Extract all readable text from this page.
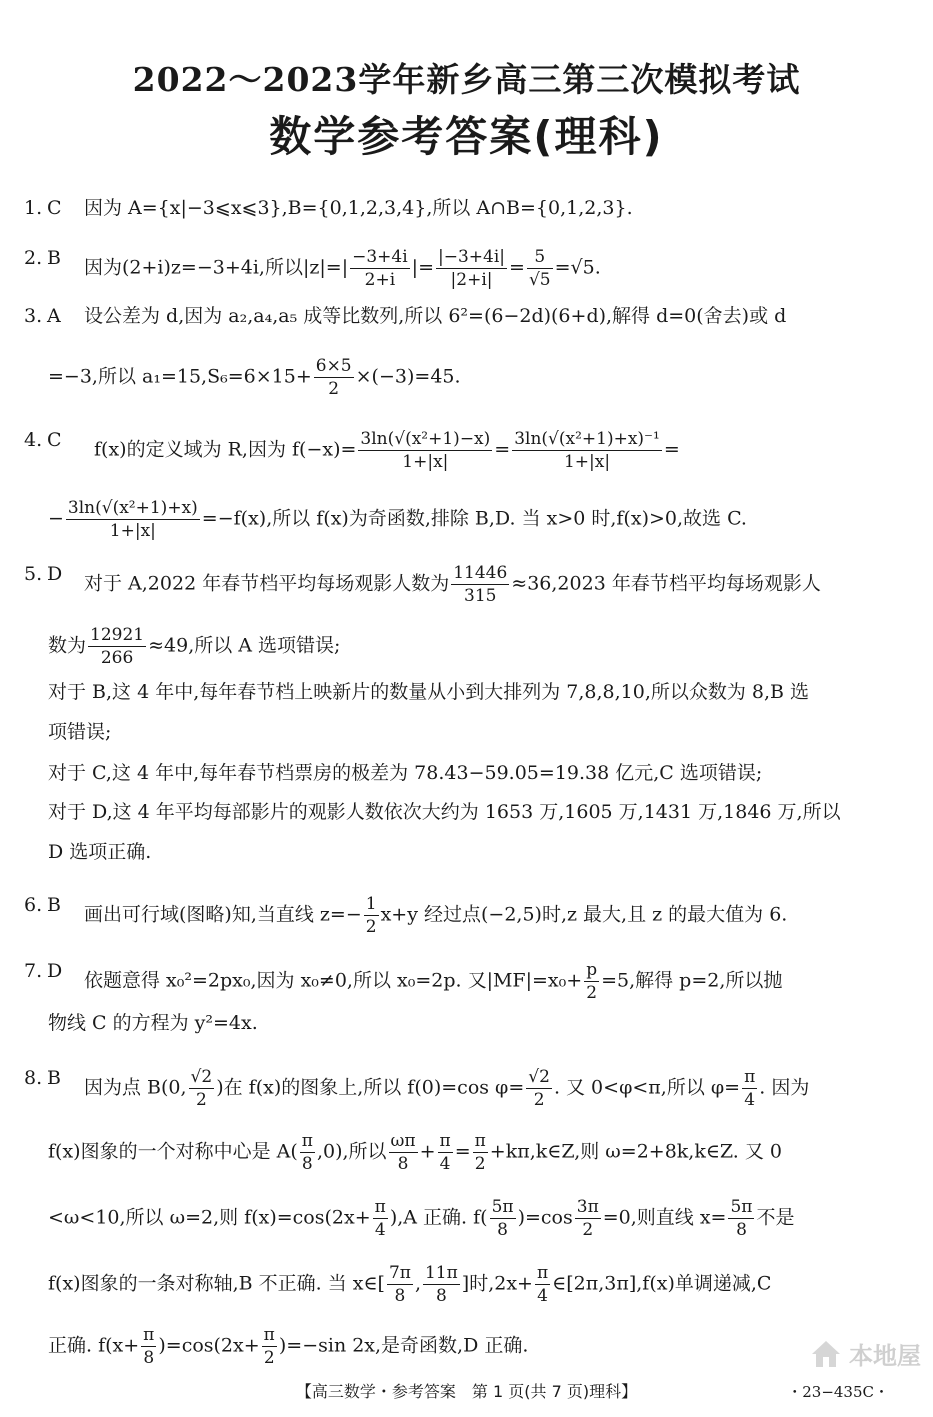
2022～2023学年新乡高三第三次模拟考试
数学参考答案(理科)
1. C 因为 A={x|−3⩽x⩽3},B={0,1,2,3,4},所以 A∩B={0,1,2,3}.
2. B 因为(2+i)z=−3+4i,所以$|z|=| \frac{-3+4i}{2+i}$ |= $\frac{|-3+4i|}{|2+i|} = \frac{5}{√5} =√5$.
3. A 设公差为 d,因为 a₂,a₄,a₅ 成等比数列,所以 6²=(6−2d)(6+d),解得 d=0(舍去)或 d
=−3,所以 $a_1=15,S_6=6\times 15+ \frac{6\times 5}{2} \times(-3)=45$.
4. C f(x)的定义域为 R,因为 $f(-x)= \frac{\text{3ln(√(x²+1)−x)}}{1+|x|} = \frac{\text{3ln(√(x²+1)+x)⁻¹}}{1+|x|}$ =
− $\frac{\text{3ln(√(x²+1)+x)}}{1+|x|} =-f(x)$,所以 f(x)为奇函数,排除 B,D. 当 x>0 时,f(x)>0,故选 C.
5. D 对于 A,2022 年春节档平均每场观影人数为 $\frac{11446}{315} \approx 36,2023$ 年春节档平均每场观影人
数为 $\frac{12921}{266} \approx 49$,所以 A 选项错误;
对于 B,这 4 年中,每年春节档上映新片的数量从小到大排列为 7,8,8,10,所以众数为 8,B 选
项错误;
对于 C,这 4 年中,每年春节档票房的极差为 78.43−59.05=19.38 亿元,C 选项错误;
对于 D,这 4 年平均每部影片的观影人数依次大约为 1653 万,1605 万,1431 万,1846 万,所以
D 选项正确.
6. B 画出可行域(图略)知,当直线 $z=- \frac{1}{2} x+y$ 经过点(−2,5)时,z 最大,且 z 的最大值为 6.
7. D 依题意得 x₀²=2px₀,因为 x₀≠0,所以 x₀=2p. 又$|MF|=x_0+ \frac{p}{2} =5$,解得 p=2,所以抛
物线 C 的方程为 y²=4x.
8. B 因为点 B(0, $\frac{√2}{2}$ )在 f(x)的图象上,所以 f(0)=cos $\varphi= \frac{√2}{2}$ . 又 0<φ<π,所以 $\varphi= \frac{\pi}{4}$ . 因为
f(x)图象的一个对称中心是 $A( \frac{\pi}{8} ,0)$,所以 $\frac{\omega\pi}{8} + \frac{\pi}{4} = \frac{\pi}{2}$ +kπ,k∈Z,则 ω=2+8k,k∈Z. 又 0
<ω<10,所以 ω=2,则 $f(x)=\cos(2x+ \frac{\pi}{4} ),A$ 正确. $f( \frac{5\pi}{8} )=\cos \frac{3\pi}{2} =0$,则直线 $x= \frac{5\pi}{8}$ 不是
f(x)图象的一条对称轴,B 不正确. 当 x∈[ $\frac{7\pi}{8}$ , $\frac{11\pi}{8}$ ]时$,2x+ \frac{\pi}{4}$ ∈[2π,3π],f(x)单调递减,C
正确. $f(x+ \frac{\pi}{8} )=\cos(2x+ \frac{\pi}{2} )=-\sin$ 2x,是奇函数,D 正确.
【高三数学・参考答案　第 1 页(共 7 页)理科】	・23−435C・
本地屋
